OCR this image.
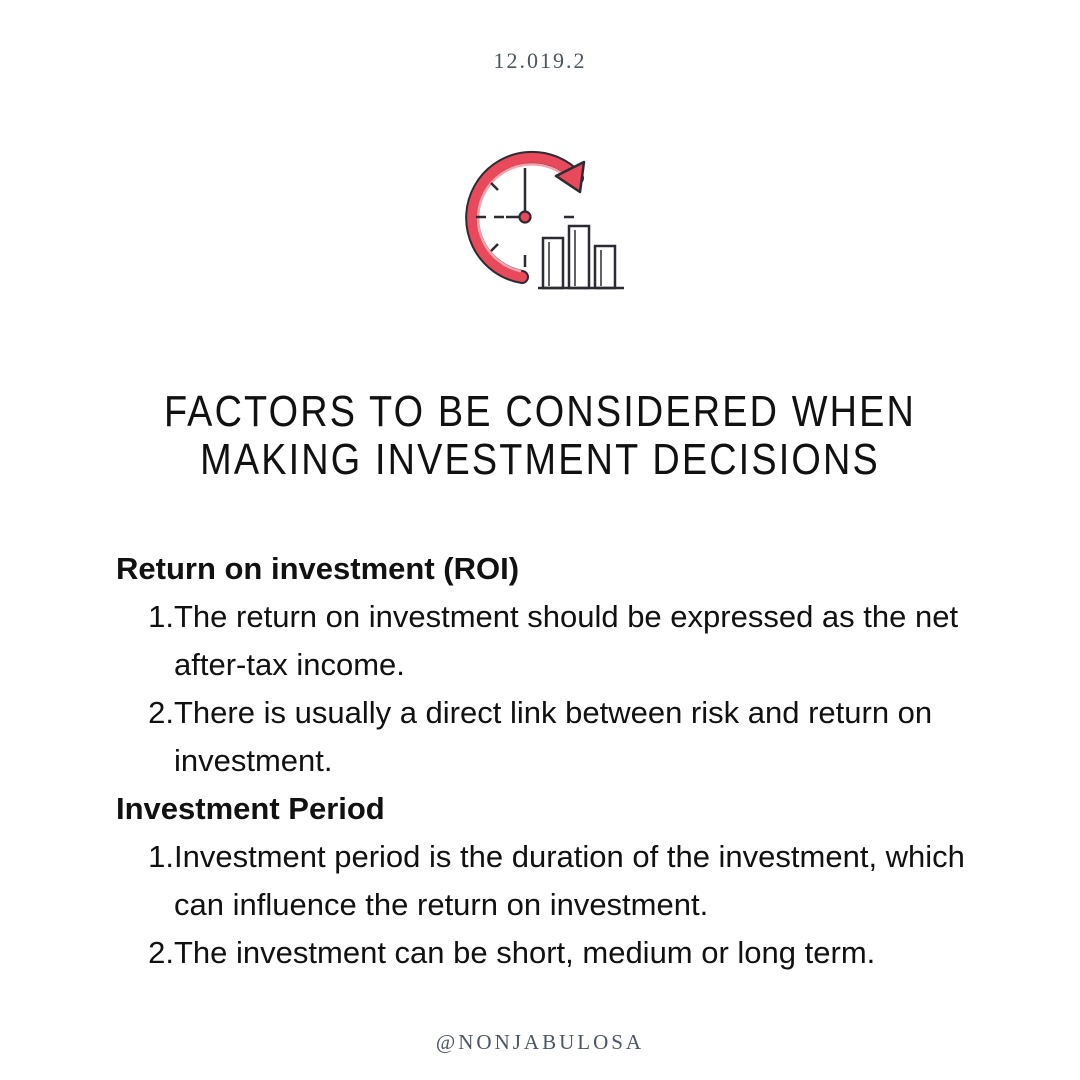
12.019.2
FACTORS TO BE CONSIDERED WHEN
MAKING INVESTMENT DECISIONS
Return on investment (ROI)
1. The return on investment should be expressed as the net after-tax income.
2. There is usually a direct link between risk and return on investment.
Investment Period
1. Investment period is the duration of the investment, which can influence the return on investment.
2. The investment can be short, medium or long term.
@NONJABULOSA
